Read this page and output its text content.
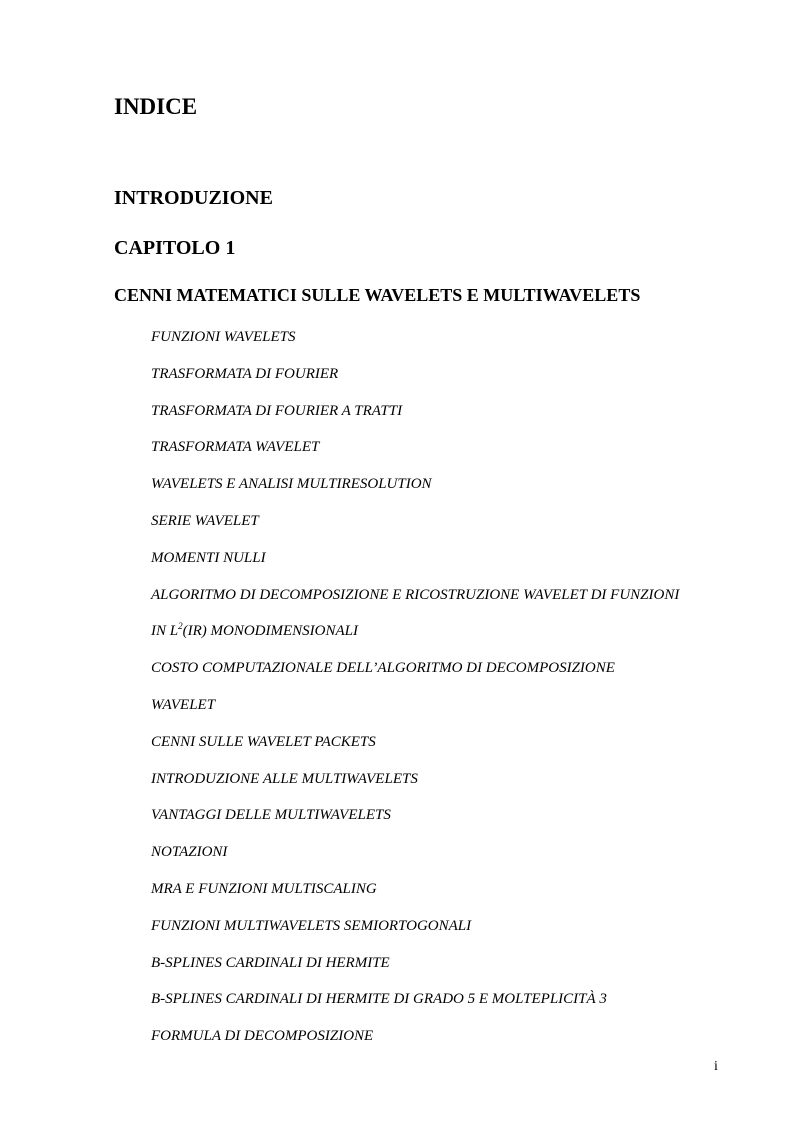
INDICE
INTRODUZIONE
CAPITOLO 1
CENNI MATEMATICI SULLE WAVELETS E MULTIWAVELETS
FUNZIONI WAVELETS
TRASFORMATA DI FOURIER
TRASFORMATA DI FOURIER A TRATTI
TRASFORMATA WAVELET
WAVELETS E ANALISI MULTIRESOLUTION
SERIE WAVELET
MOMENTI NULLI
ALGORITMO DI DECOMPOSIZIONE E RICOSTRUZIONE WAVELET DI FUNZIONI
IN $L^2(IR)$ MONODIMENSIONALI
COSTO COMPUTAZIONALE DELL’ALGORITMO DI DECOMPOSIZIONE
WAVELET
CENNI SULLE WAVELET PACKETS
INTRODUZIONE ALLE MULTIWAVELETS
VANTAGGI DELLE MULTIWAVELETS
NOTAZIONI
MRA E FUNZIONI MULTISCALING
FUNZIONI MULTIWAVELETS SEMIORTOGONALI
B-SPLINES CARDINALI DI HERMITE
B-SPLINES CARDINALI DI HERMITE DI GRADO 5 E MOLTEPLICITÀ 3
FORMULA DI DECOMPOSIZIONE
i
